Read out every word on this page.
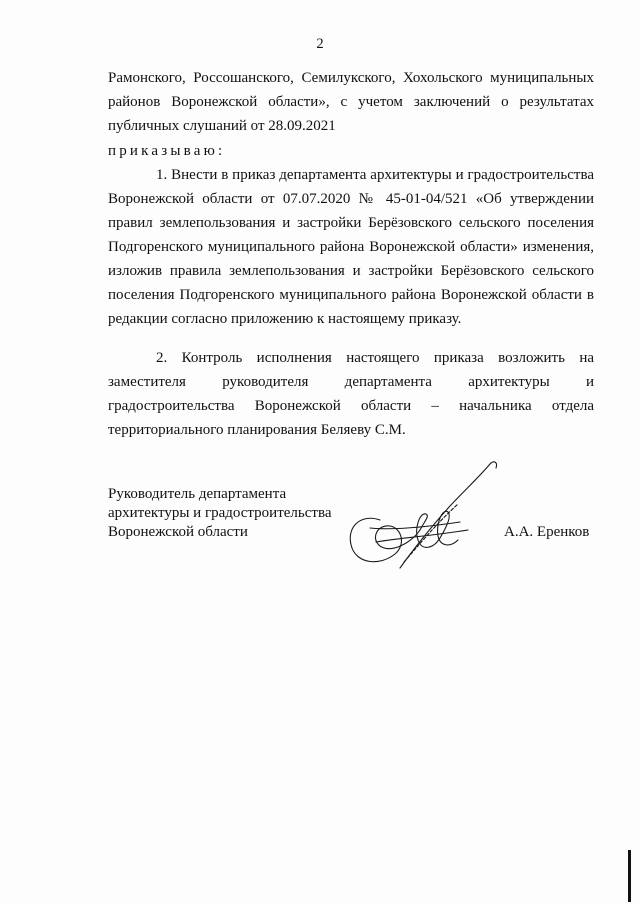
2
Рамонского, Россошанского, Семилукского, Хохольского муниципальных районов Воронежской области», с учетом заключений о результатах публичных слушаний от 28.09.2021
приказываю:
1. Внести в приказ департамента архитектуры и градостроительства Воронежской области от 07.07.2020 № 45-01-04/521 «Об утверждении правил землепользования и застройки Берёзовского сельского поселения Подгоренского муниципального района Воронежской области» изменения, изложив правила землепользования и застройки Берёзовского сельского поселения Подгоренского муниципального района Воронежской области в редакции согласно приложению к настоящему приказу.
2. Контроль исполнения настоящего приказа возложить на заместителя руководителя департамента архитектуры и градостроительства Воронежской области – начальника отдела территориального планирования Беляеву С.М.
Руководитель департамента
архитектуры и градостроительства
Воронежской области	А.А. Еренков
